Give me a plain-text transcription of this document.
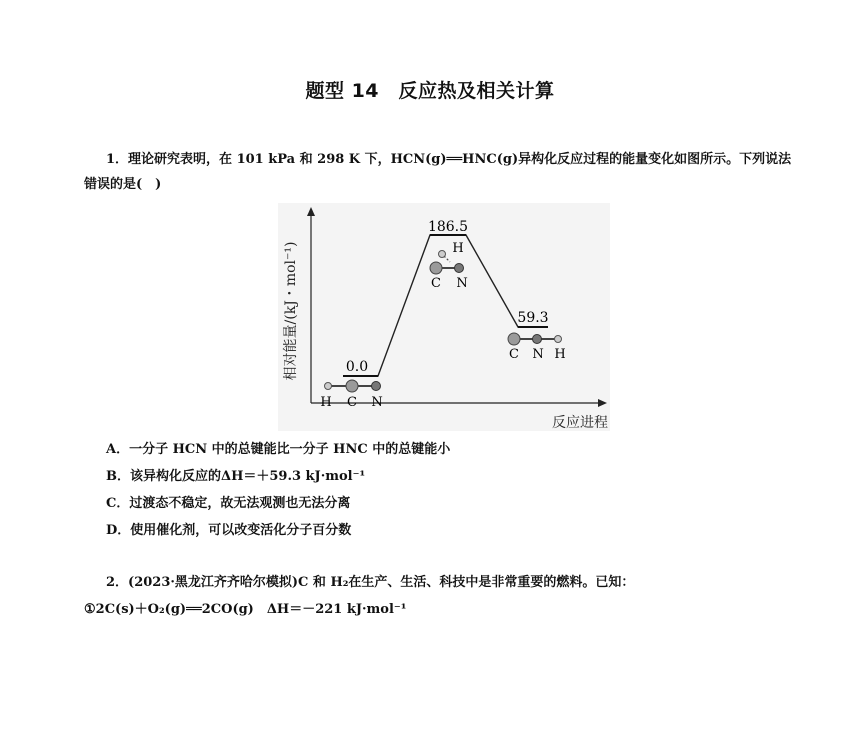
题型 14　反应热及相关计算
1．理论研究表明，在 101 kPa 和 298 K 下，HCN(g)══HNC(g)异构化反应过程的能量变化如图所示。下列说法
错误的是(　)
相对能量/(kJ・mol⁻¹)
反应进程
0.0
186.5
59.3
H C N
H
C N
C N H
A．一分子 HCN 中的总键能比一分子 HNC 中的总键能小
B．该异构化反应的ΔH＝＋59.3 kJ·mol⁻¹
C．过渡态不稳定，故无法观测也无法分离
D．使用催化剂，可以改变活化分子百分数
2．(2023·黑龙江齐齐哈尔模拟)C 和 H₂在生产、生活、科技中是非常重要的燃料。已知：
①2C(s)＋O₂(g)══2CO(g)　ΔH＝－221 kJ·mol⁻¹
